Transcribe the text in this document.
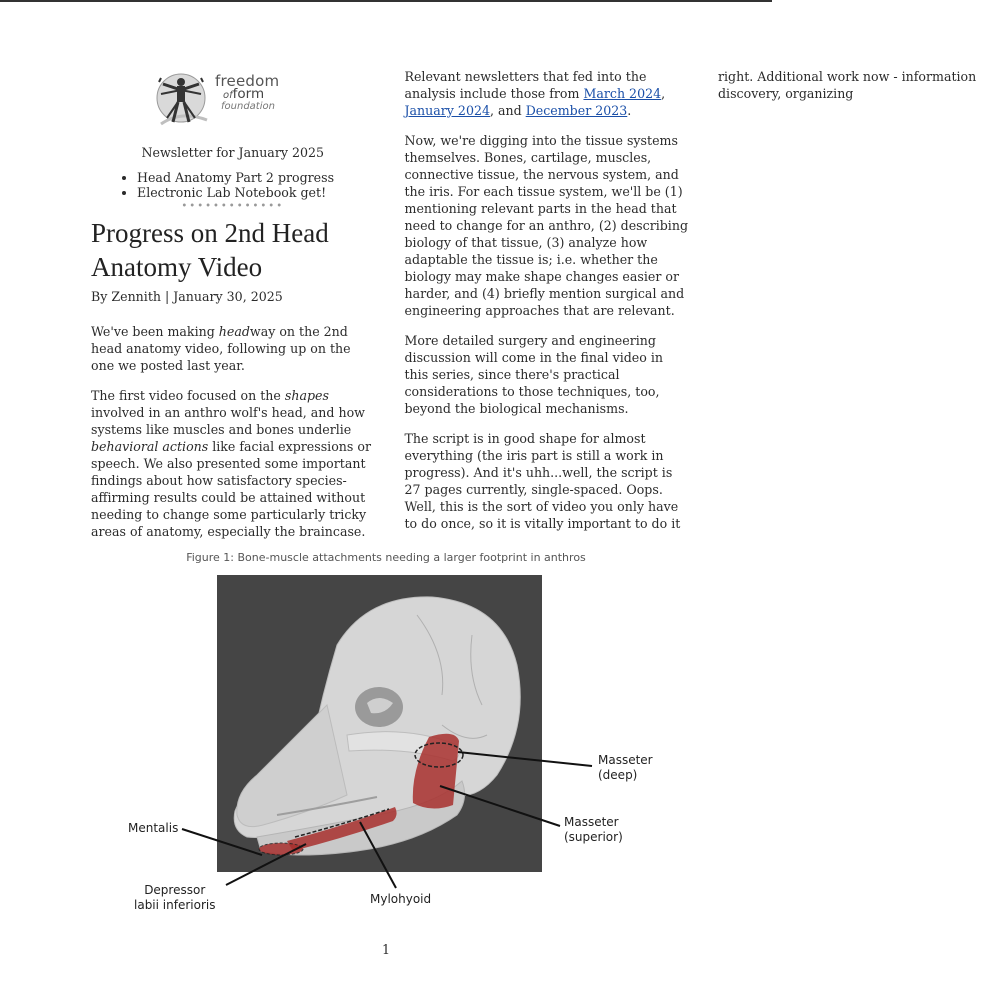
freedom
ofform
foundation
Newsletter for January 2025
• Head Anatomy Part 2 progress
• Electronic Lab Notebook get!
•••••••••••••
Progress on 2nd Head
Anatomy Video
By Zennith | January 30, 2025

We've been making headway on the 2nd head anatomy video, following up on the one we posted last year.

The first video focused on the shapes involved in an anthro wolf's head, and how systems like muscles and bones underlie behavioral actions like facial expressions or speech. We also presented some important findings about how satisfactory species-affirming results could be attained without needing to change some particularly tricky areas of anatomy, especially the braincase. Relevant newsletters that fed into the analysis include those from March 2024, January 2024, and December 2023.

Now, we're digging into the tissue systems themselves. Bones, cartilage, muscles, connective tissue, the nervous system, and the iris. For each tissue system, we'll be (1) mentioning relevant parts in the head that need to change for an anthro, (2) describing biology of that tissue, (3) analyze how adaptable the tissue is; i.e. whether the biology may make shape changes easier or harder, and (4) briefly mention surgical and engineering approaches that are relevant.

More detailed surgery and engineering discussion will come in the final video in this series, since there's practical considerations to those techniques, too, beyond the biological mechanisms.

The script is in good shape for almost everything (the iris part is still a work in progress). And it's uhh...well, the script is 27 pages currently, single-spaced. Oops. Well, this is the sort of video you only have to do once, so it is vitally important to do it right. Additional work now - information discovery, organizing

Figure 1: Bone-muscle attachments needing a larger footprint in anthros
Masseter
(deep)
Masseter
(superior)
Mentalis
Depressor
labii inferioris	Mylohyoid
1
